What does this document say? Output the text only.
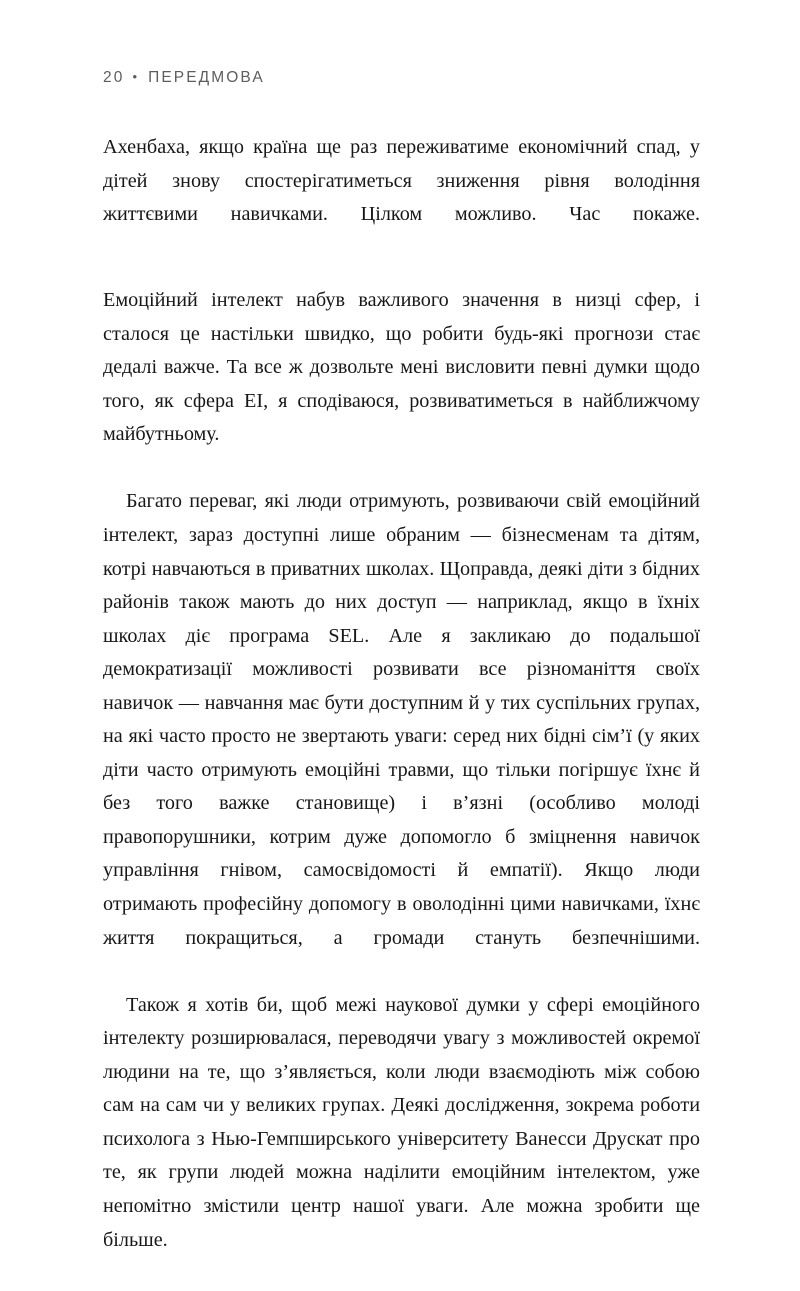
20 • ПЕРЕДМОВА

Ахенбаха, якщо країна ще раз переживатиме економічний спад, у дітей знову спостерігатиметься зниження рівня володіння життєвими навичками. Цілком можливо. Час покаже.

Емоційний інтелект набув важливого значення в низці сфер, і сталося це настільки швидко, що робити будь-які прогнози стає дедалі важче. Та все ж дозвольте мені висловити певні думки щодо того, як сфера ЕІ, я сподіваюся, розвиватиметься в найближчому майбутньому.

Багато переваг, які люди отримують, розвиваючи свій емоційний інтелект, зараз доступні лише обраним — бізнесменам та дітям, котрі навчаються в приватних школах. Щоправда, деякі діти з бідних районів також мають до них доступ — наприклад, якщо в їхніх школах діє програма SEL. Але я закликаю до подальшої демократизації можливості розвивати все різноманіття своїх навичок — навчання має бути доступним й у тих суспільних групах, на які часто просто не звертають уваги: серед них бідні сім’ї (у яких діти часто отримують емоційні травми, що тільки погіршує їхнє й без того важке становище) і в’язні (особливо молоді правопорушники, котрим дуже допомогло б зміцнення навичок управління гнівом, самосвідомості й емпатії). Якщо люди отримають професійну допомогу в оволодінні цими навичками, їхнє життя покращиться, а громади стануть безпечнішими.

Також я хотів би, щоб межі наукової думки у сфері емоційного інтелекту розширювалася, переводячи увагу з можливостей окремої людини на те, що з’являється, коли люди взаємодіють між собою сам на сам чи у великих групах. Деякі дослідження, зокрема роботи психолога з Нью-Гемпширського університету Ванесси Друскат про те, як групи людей можна наділити емоційним інтелектом, уже непомітно змістили центр нашої уваги. Але можна зробити ще більше.
